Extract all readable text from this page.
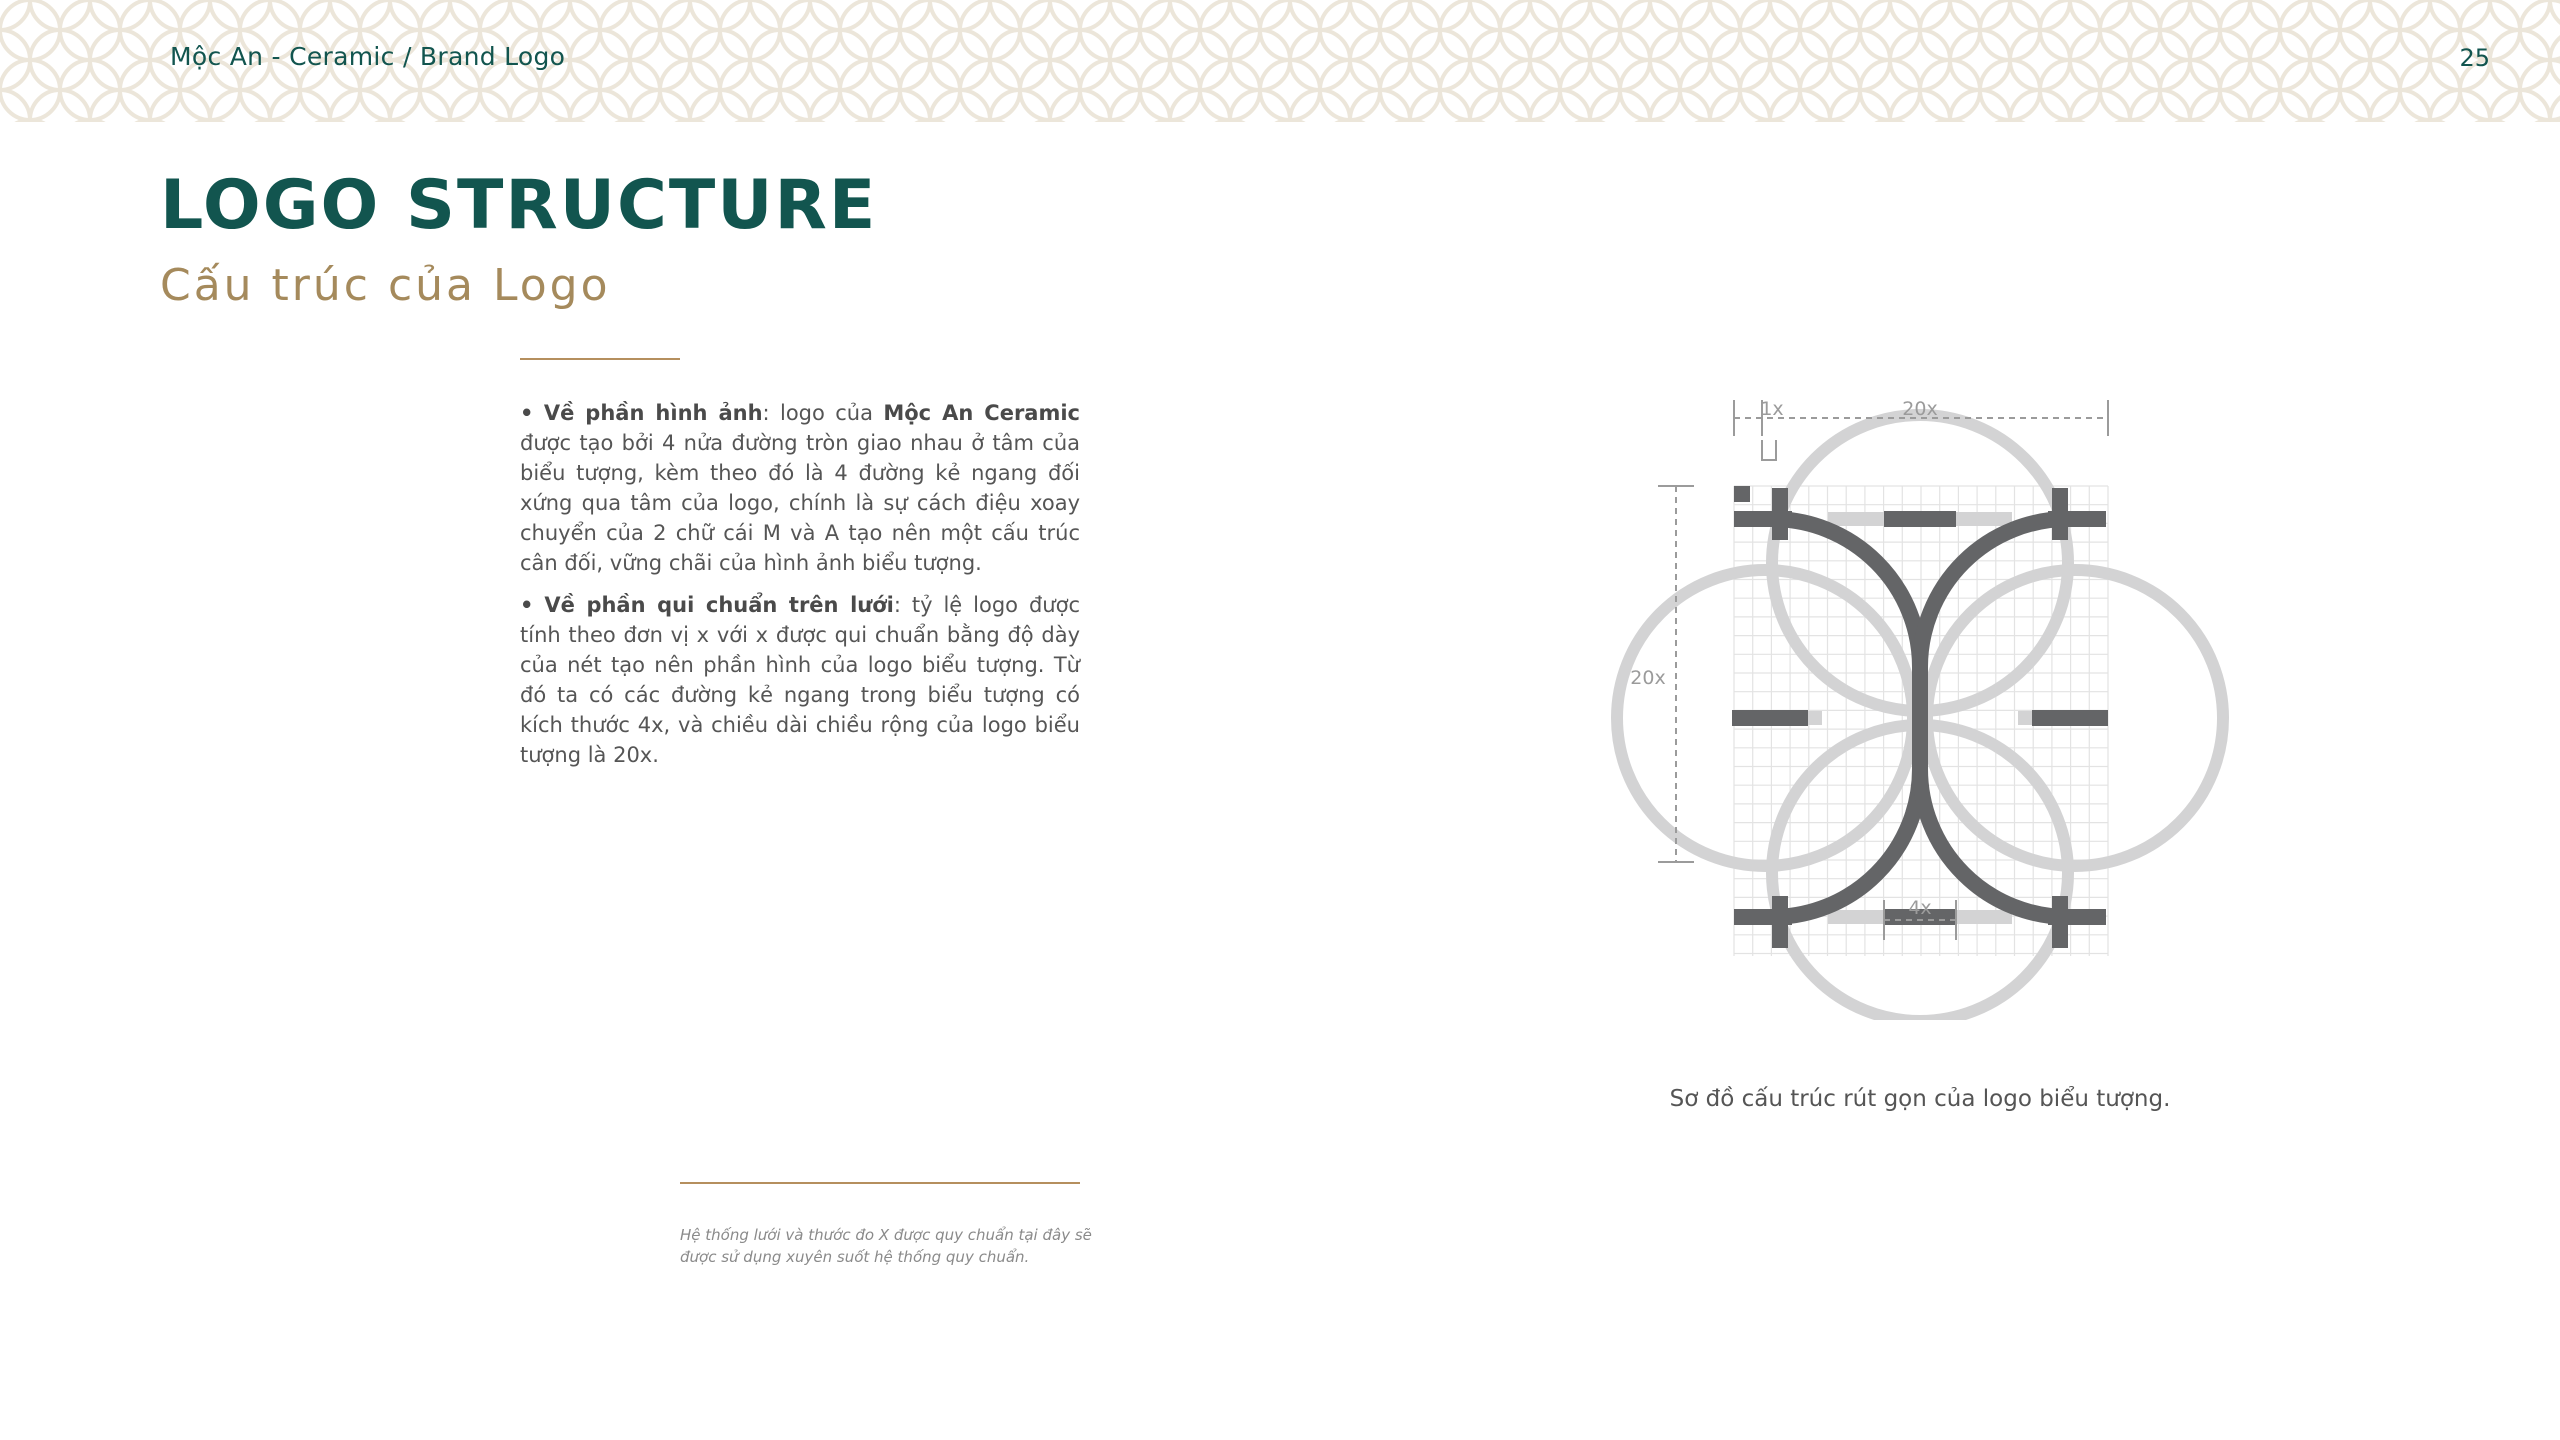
Mộc An - Ceramic / Brand Logo	25
LOGO STRUCTURE
Cấu trúc của Logo

• Về phần hình ảnh: logo của Mộc An Ceramic được tạo bởi 4 nửa đường tròn giao nhau ở tâm của biểu tượng, kèm theo đó là 4 đường kẻ ngang đối xứng qua tâm của logo, chính là sự cách điệu xoay chuyển của 2 chữ cái M và A tạo nên một cấu trúc cân đối, vững chãi của hình ảnh biểu tượng.

• Về phần qui chuẩn trên lưới: tỷ lệ logo được tính theo đơn vị x với x được qui chuẩn bằng độ dày của nét tạo nên phần hình của logo biểu tượng. Từ đó ta có các đường kẻ ngang trong biểu tượng có kích thước 4x, và chiều dài chiều rộng của logo biểu tượng là 20x.

Hệ thống lưới và thước đo X được quy chuẩn tại đây sẽ được sử dụng xuyên suốt hệ thống quy chuẩn.
1x	20x
20x
4x
Sơ đồ cấu trúc rút gọn của logo biểu tượng.
